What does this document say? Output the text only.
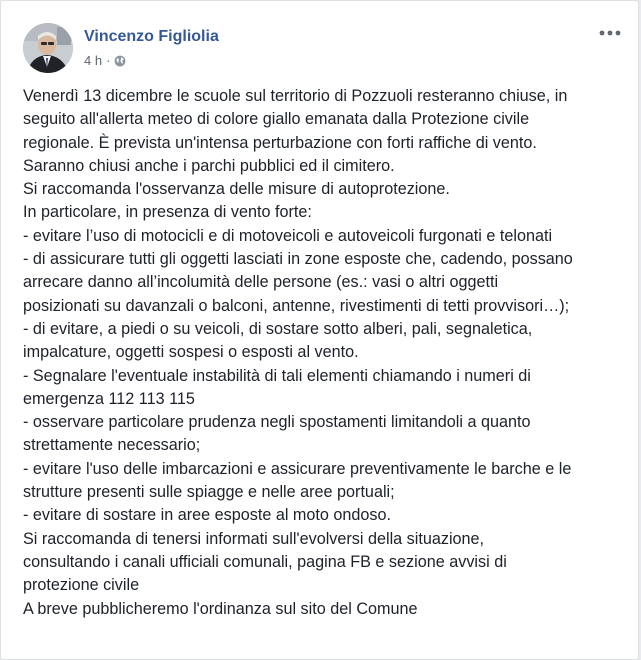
Vincenzo Figliolia
4 h ·
Venerdì 13 dicembre le scuole sul territorio di Pozzuoli resteranno chiuse, in
seguito all'allerta meteo di colore giallo emanata dalla Protezione civile
regionale. È prevista un'intensa perturbazione con forti raffiche di vento.
Saranno chiusi anche i parchi pubblici ed il cimitero.
Si raccomanda l'osservanza delle misure di autoprotezione.
In particolare, in presenza di vento forte:
- evitare l’uso di motocicli e di motoveicoli e autoveicoli furgonati e telonati
- di assicurare tutti gli oggetti lasciati in zone esposte che, cadendo, possano
arrecare danno all’incolumità delle persone (es.: vasi o altri oggetti
posizionati su davanzali o balconi, antenne, rivestimenti di tetti provvisori…);
- di evitare, a piedi o su veicoli, di sostare sotto alberi, pali, segnaletica,
impalcature, oggetti sospesi o esposti al vento.
- Segnalare l'eventuale instabilità di tali elementi chiamando i numeri di
emergenza 112 113 115
- osservare particolare prudenza negli spostamenti limitandoli a quanto
strettamente necessario;
- evitare l'uso delle imbarcazioni e assicurare preventivamente le barche e le
strutture presenti sulle spiagge e nelle aree portuali;
- evitare di sostare in aree esposte al moto ondoso.
Si raccomanda di tenersi informati sull'evolversi della situazione,
consultando i canali ufficiali comunali, pagina FB e sezione avvisi di
protezione civile
A breve pubblicheremo l'ordinanza sul sito del Comune
